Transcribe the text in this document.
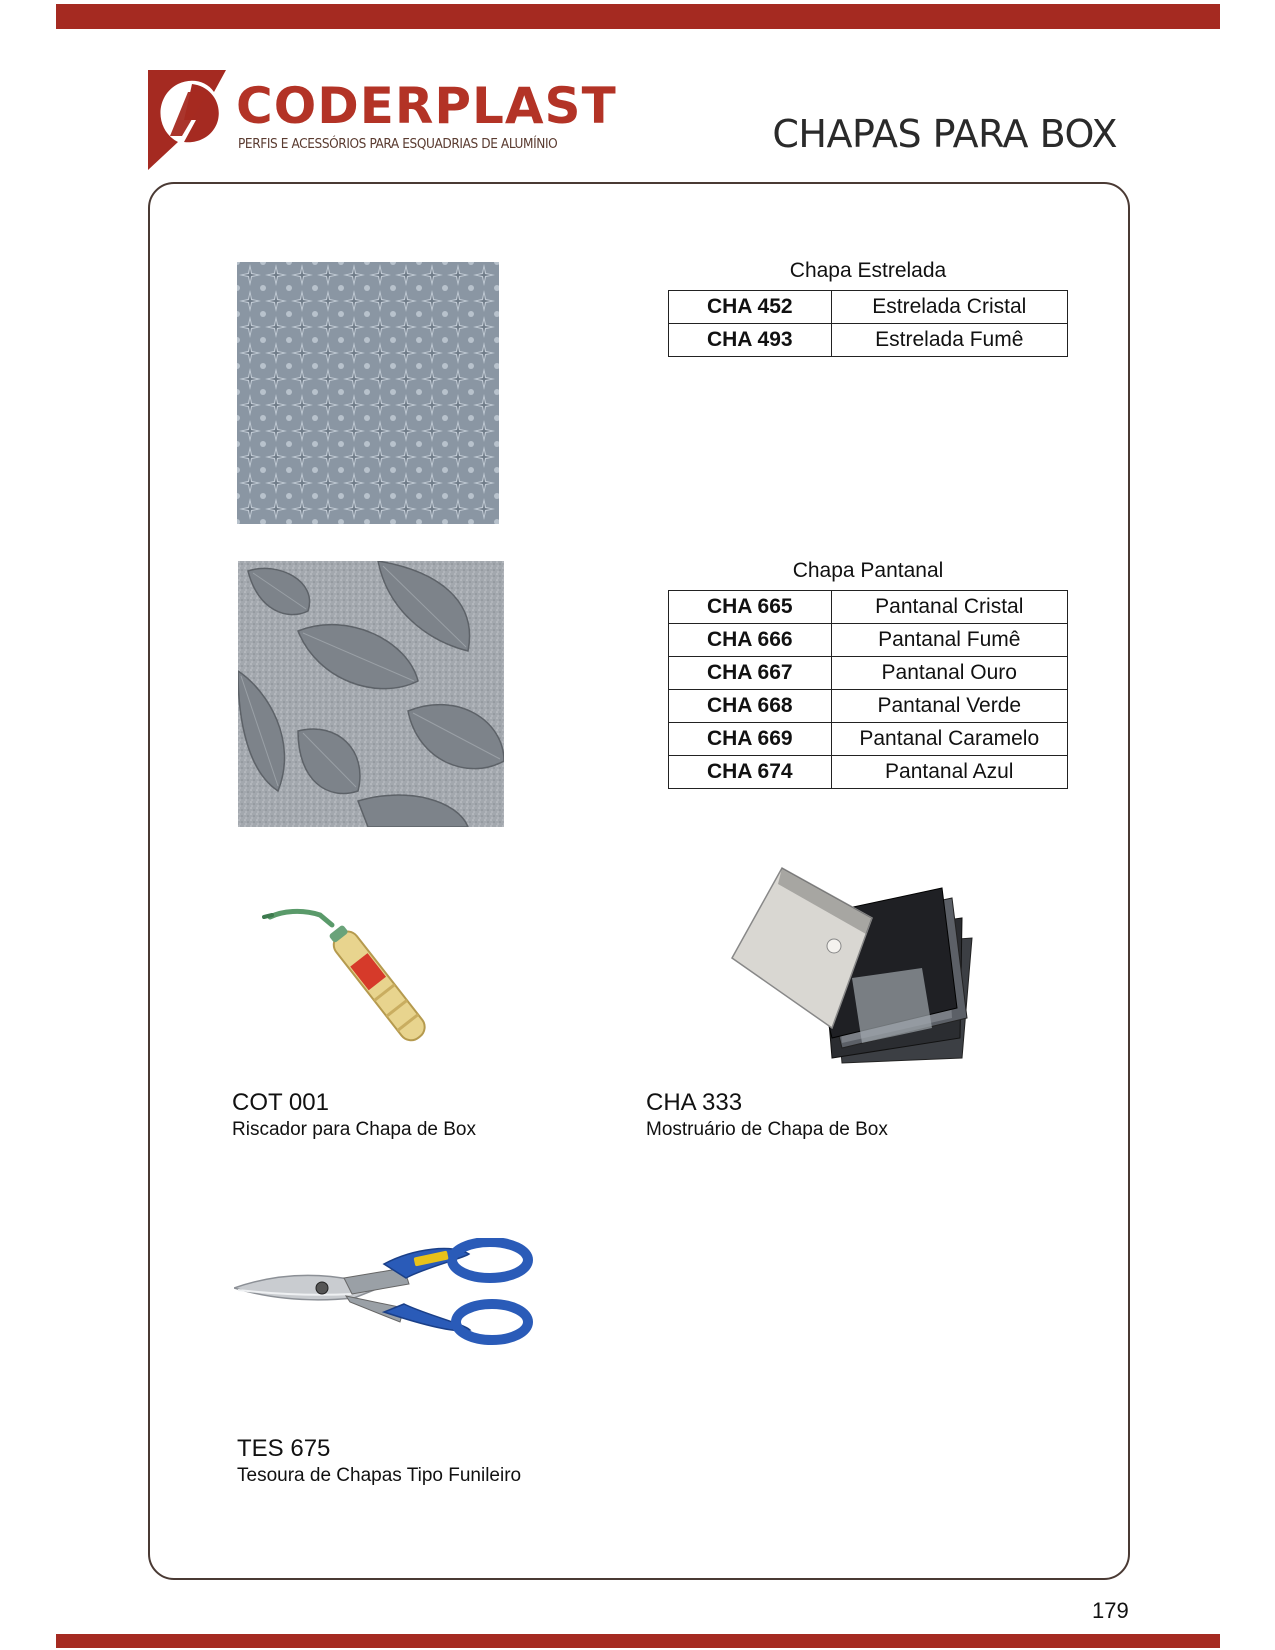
CODERPLAST
PERFIS E ACESSÓRIOS PARA ESQUADRIAS DE ALUMÍNIO	CHAPAS PARA BOX
Chapa Estrelada
CHA 452	Estrelada Cristal
CHA 493	Estrelada Fumê
Chapa Pantanal
CHA 665	Pantanal Cristal
CHA 666	Pantanal Fumê
CHA 667	Pantanal Ouro
CHA 668	Pantanal Verde
CHA 669	Pantanal Caramelo
CHA 674	Pantanal Azul
COT 001
Riscador para Chapa de Box
CHA 333
Mostruário de Chapa de Box
TES 675
Tesoura de Chapas Tipo Funileiro
179
